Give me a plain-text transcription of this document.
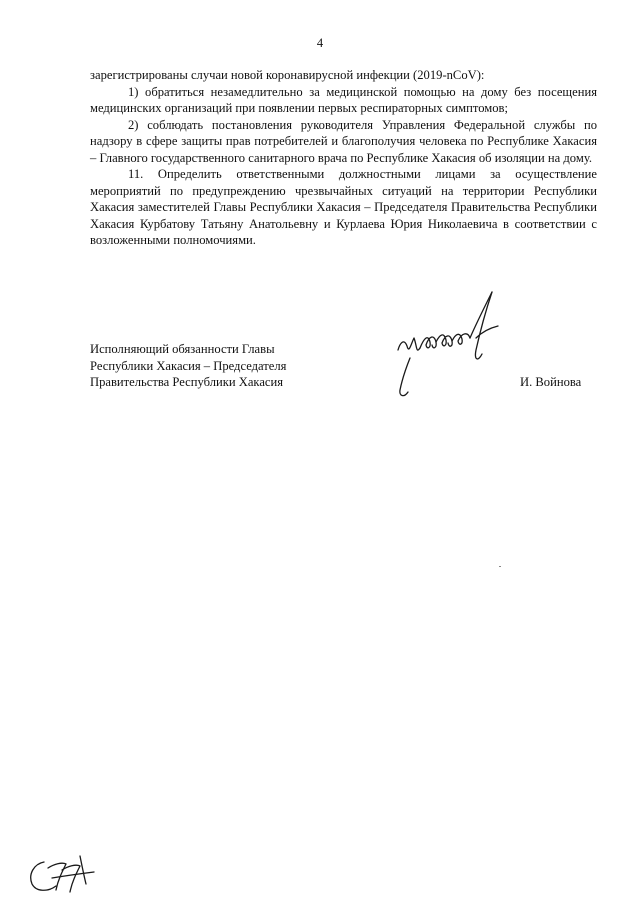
4

зарегистрированы случаи новой коронавирусной инфекции (2019-nCoV):

1) обратиться незамедлительно за медицинской помощью на дому без посещения медицинских организаций при появлении первых респираторных симптомов;

2) соблюдать постановления руководителя Управления Федеральной службы по надзору в сфере защиты прав потребителей и благополучия человека по Республике Хакасия – Главного государственного санитарного врача по Республике Хакасия об изоляции на дому.

11. Определить ответственными должностными лицами за осуществление мероприятий по предупреждению чрезвычайных ситуаций на территории Республики Хакасия заместителей Главы Республики Хакасия – Председателя Правительства Республики Хакасия Курбатову Татьяну Анатольевну и Курлаева Юрия Николаевича в соответствии с возложенными полномочиями.

Исполняющий обязанности Главы
Республики Хакасия – Председателя
Правительства Республики Хакасия	И. Войнова
